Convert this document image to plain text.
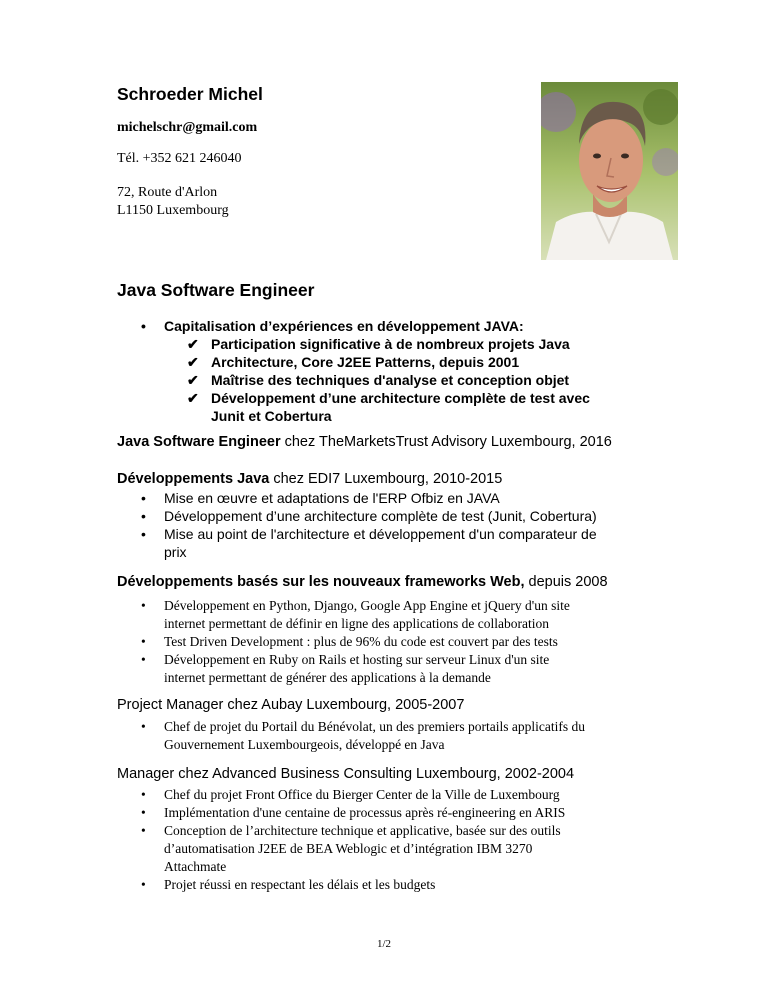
Schroeder Michel
michelschr@gmail.com
Tél. +352 621 246040
72, Route d'Arlon
L1150 Luxembourg
Java Software Engineer
• Capitalisation d’expériences en développement JAVA:
✔ Participation significative à de nombreux projets Java
✔ Architecture, Core J2EE Patterns, depuis 2001
✔ Maîtrise des techniques d'analyse et conception objet
✔ Développement d’une architecture complète de test avec
Junit et Cobertura
Java Software Engineer chez TheMarketsTrust Advisory Luxembourg, 2016
Développements Java chez EDI7 Luxembourg, 2010-2015
• Mise en œuvre et adaptations de l'ERP Ofbiz en JAVA
• Développement d’une architecture complète de test (Junit, Cobertura)
• Mise au point de l'architecture et développement d'un comparateur de
prix
Développements basés sur les nouveaux frameworks Web, depuis 2008
• Développement en Python, Django, Google App Engine et jQuery d'un site
internet permettant de définir en ligne des applications de collaboration
• Test Driven Development : plus de 96% du code est couvert par des tests
• Développement en Ruby on Rails et hosting sur serveur Linux d'un site
internet permettant de générer des applications à la demande
Project Manager chez Aubay Luxembourg, 2005-2007
• Chef de projet du Portail du Bénévolat, un des premiers portails applicatifs du
Gouvernement Luxembourgeois, développé en Java
Manager chez Advanced Business Consulting Luxembourg, 2002-2004
• Chef du projet Front Office du Bierger Center de la Ville de Luxembourg
• Implémentation d'une centaine de processus après ré-engineering en ARIS
• Conception de l’architecture technique et applicative, basée sur des outils
d’automatisation J2EE de BEA Weblogic et d’intégration IBM 3270
Attachmate
• Projet réussi en respectant les délais et les budgets
1/2
